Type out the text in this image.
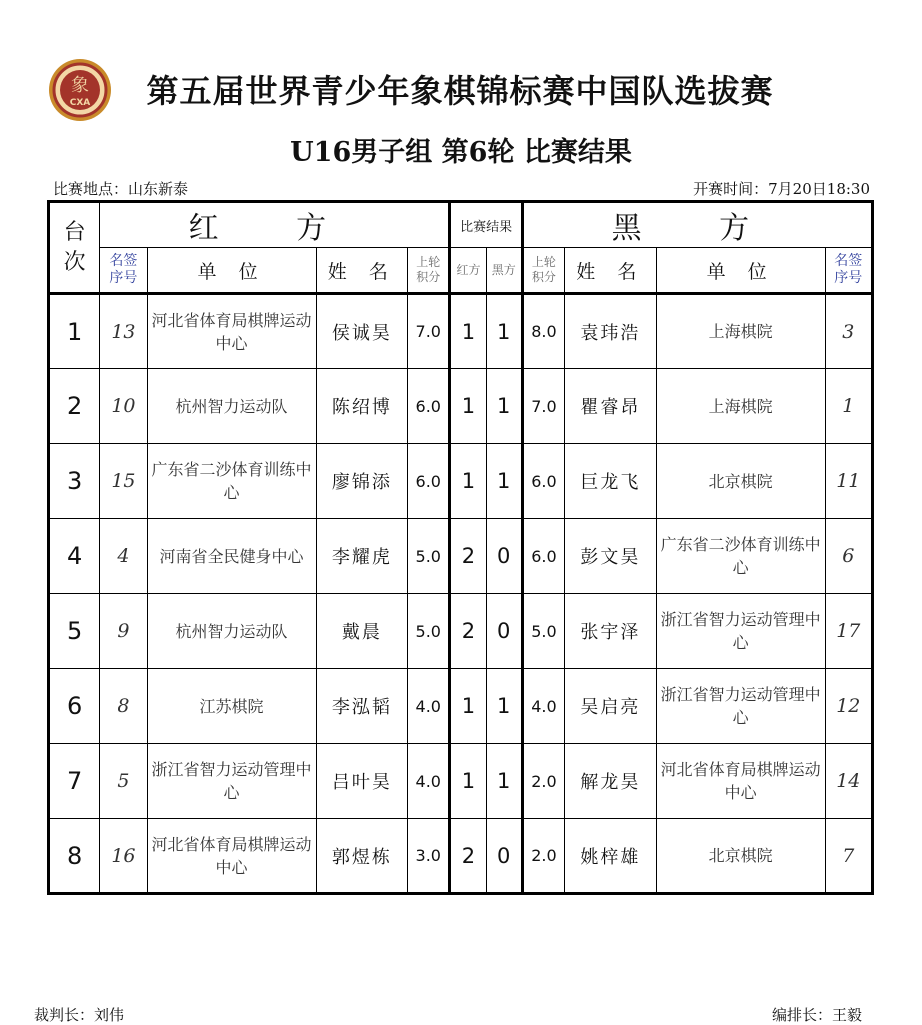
象
CXA	第五届世界青少年象棋锦标赛中国队选拔赛
U16男子组 第6轮 比赛结果
比赛地点：山东新泰	开赛时间：7月20日18:30
台次	红 方				比赛结果		黑 方			
	名签序号	单 位	姓 名	上轮积分	红方	黑方	上轮积分	姓 名	单 位	名签序号
1	13	河北省体育局棋牌运动中心	侯诚昊	7.0	1	1	8.0	袁玮浩	上海棋院	3
2	10	杭州智力运动队	陈绍博	6.0	1	1	7.0	瞿睿昂	上海棋院	1
3	15	广东省二沙体育训练中心	廖锦添	6.0	1	1	6.0	巨龙飞	北京棋院	11
4	4	河南省全民健身中心	李耀虎	5.0	2	0	6.0	彭文昊	广东省二沙体育训练中心	6
5	9	杭州智力运动队	戴晨	5.0	2	0	5.0	张宇泽	浙江省智力运动管理中心	17
6	8	江苏棋院	李泓韬	4.0	1	1	4.0	吴启亮	浙江省智力运动管理中心	12
7	5	浙江省智力运动管理中心	吕叶昊	4.0	1	1	2.0	解龙昊	河北省体育局棋牌运动中心	14
8	16	河北省体育局棋牌运动中心	郭煜栋	3.0	2	0	2.0	姚梓雄	北京棋院	7
裁判长：刘伟	编排长：王毅
